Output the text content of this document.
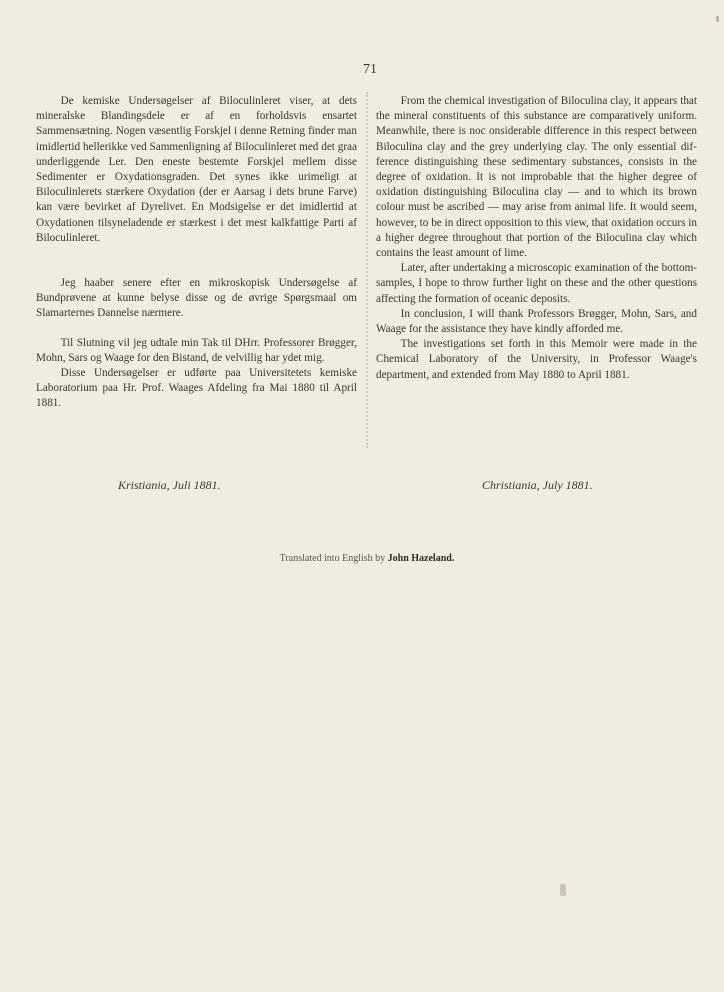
71

De kemiske Undersøgelser af Biloculinleret viser, at dets mineralske Blandingsdele er af en forholdsvis ensartet Sammensætning. Nogen væsentlig Forskjel i denne Retning finder man imidlertid hellerikke ved Sammenligning af Biloculinleret med det graa underliggende Ler. Den eneste bestemte Forskjel mellem disse Sedimenter er Oxydationsgraden. Det synes ikke urimeligt at Biloculinlerets stærkere Oxydation (der er Aarsag i dets brune Farve) kan være bevirket af Dyrelivet. En Modsigelse er det imidlertid at Oxydationen tilsyneladende er stærkest i det mest kalkfattige Parti af Biloculinleret.

Jeg haaber senere efter en mikroskopisk Undersøgelse af Bundprøvene at kunne belyse disse og de øvrige Spørgsmaal om Slamarternes Dannelse nærmere.

Til Slutning vil jeg udtale min Tak til DHrr. Professorer Brøgger, Mohn, Sars og Waage for den Bistand, de velvillig har ydet mig.

Disse Undersøgelser er udførte paa Universitetets kemiske Laboratorium paa Hr. Prof. Waages Afdeling fra Mai 1880 til April 1881.

From the chemical investigation of Biloculina clay, it appears that the mineral constituents of this substance are comparatively uniform. Meanwhile, there is noc onsiderable difference in this respect between Biloculina clay and the grey underlying clay. The only essential difference distinguishing these sedimentary substances, consists in the degree of oxidation. It is not improbable that the higher degree of oxidation distinguishing Biloculina clay — and to which its brown colour must be ascribed — may arise from animal life. It would seem, however, to be in direct opposition to this view, that oxidation occurs in a higher degree throughout that portion of the Biloculina clay which contains the least amount of lime.

Later, after undertaking a microscopic examination of the bottom-samples, I hope to throw further light on these and the other questions affecting the formation of oceanic deposits.

In conclusion, I will thank Professors Brøgger, Mohn, Sars, and Waage for the assistance they have kindly afforded me.

The investigations set forth in this Memoir were made in the Chemical Laboratory of the University, in Professor Waage's department, and extended from May 1880 to April 1881.

Kristiania, Juli 1881.	Christiania, July 1881.
Translated into English by John Hazeland.
